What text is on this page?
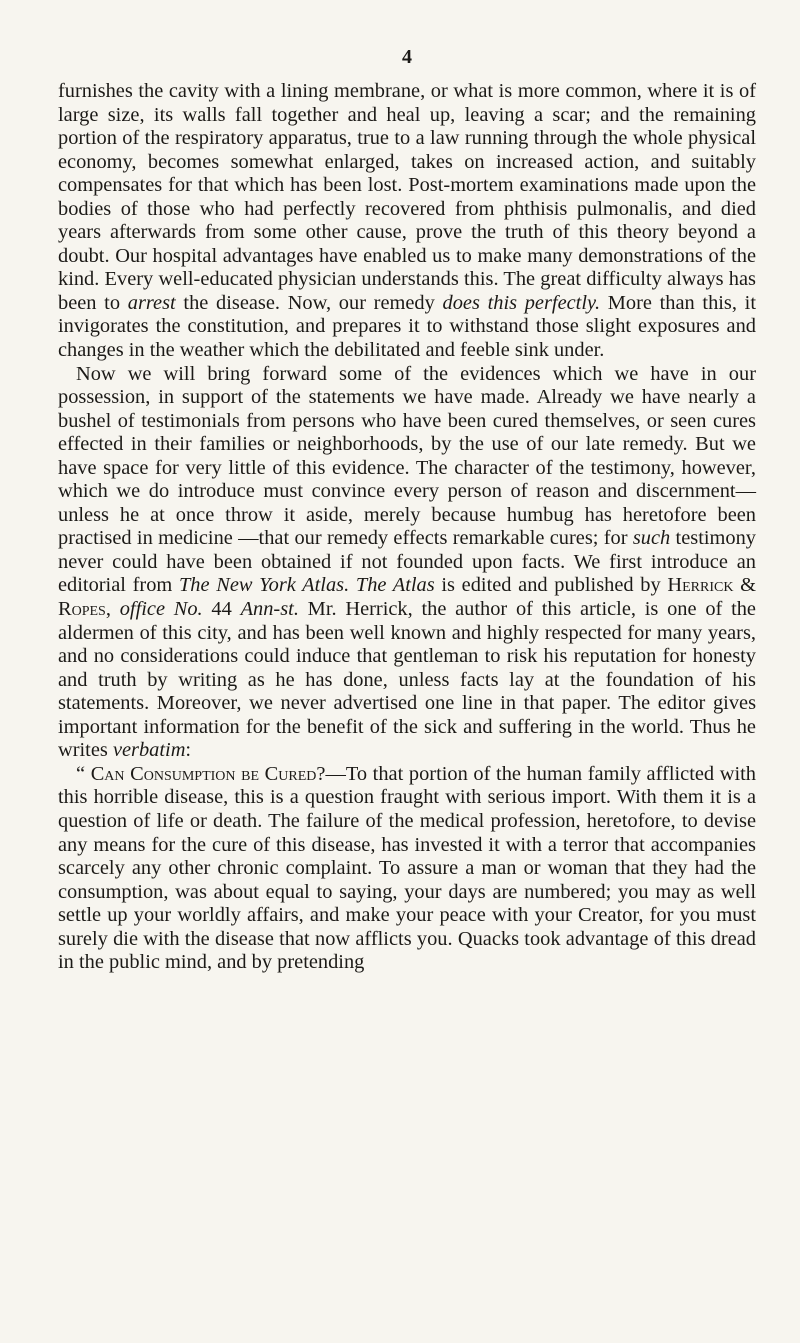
4

furnishes the cavity with a lining membrane, or what is more common, where it is of large size, its walls fall together and heal up, leaving a scar; and the remaining portion of the respiratory apparatus, true to a law running through the whole physical economy, becomes somewhat enlarged, takes on increased action, and suitably compensates for that which has been lost. Post-mortem examinations made upon the bodies of those who had perfectly recovered from phthisis pulmonalis, and died years afterwards from some other cause, prove the truth of this theory beyond a doubt. Our hospital advantages have enabled us to make many demonstrations of the kind. Every well-educated physician understands this. The great difficulty always has been to arrest the disease. Now, our remedy does this perfectly. More than this, it invigorates the constitution, and prepares it to withstand those slight exposures and changes in the weather which the debilitated and feeble sink under.

Now we will bring forward some of the evidences which we have in our possession, in support of the statements we have made. Already we have nearly a bushel of testimonials from persons who have been cured themselves, or seen cures effected in their families or neighborhoods, by the use of our late remedy. But we have space for very little of this evidence. The character of the testimony, however, which we do introduce must convince every person of reason and discernment—unless he at once throw it aside, merely because humbug has heretofore been practised in medicine —that our remedy effects remarkable cures; for such testimony never could have been obtained if not founded upon facts. We first introduce an editorial from The New York Atlas. The Atlas is edited and published by Herrick & Ropes, office No. 44 Ann-st. Mr. Herrick, the author of this article, is one of the aldermen of this city, and has been well known and highly respected for many years, and no considerations could induce that gentleman to risk his reputation for honesty and truth by writing as he has done, unless facts lay at the foundation of his statements. Moreover, we never advertised one line in that paper. The editor gives important information for the benefit of the sick and suffering in the world. Thus he writes verbatim:

“ Can Consumption be Cured?—To that portion of the human family afflicted with this horrible disease, this is a question fraught with serious import. With them it is a question of life or death. The failure of the medical profession, heretofore, to devise any means for the cure of this disease, has invested it with a terror that accompanies scarcely any other chronic complaint. To assure a man or woman that they had the consumption, was about equal to saying, your days are numbered; you may as well settle up your worldly affairs, and make your peace with your Creator, for you must surely die with the disease that now afflicts you. Quacks took advantage of this dread in the public mind, and by pretending
